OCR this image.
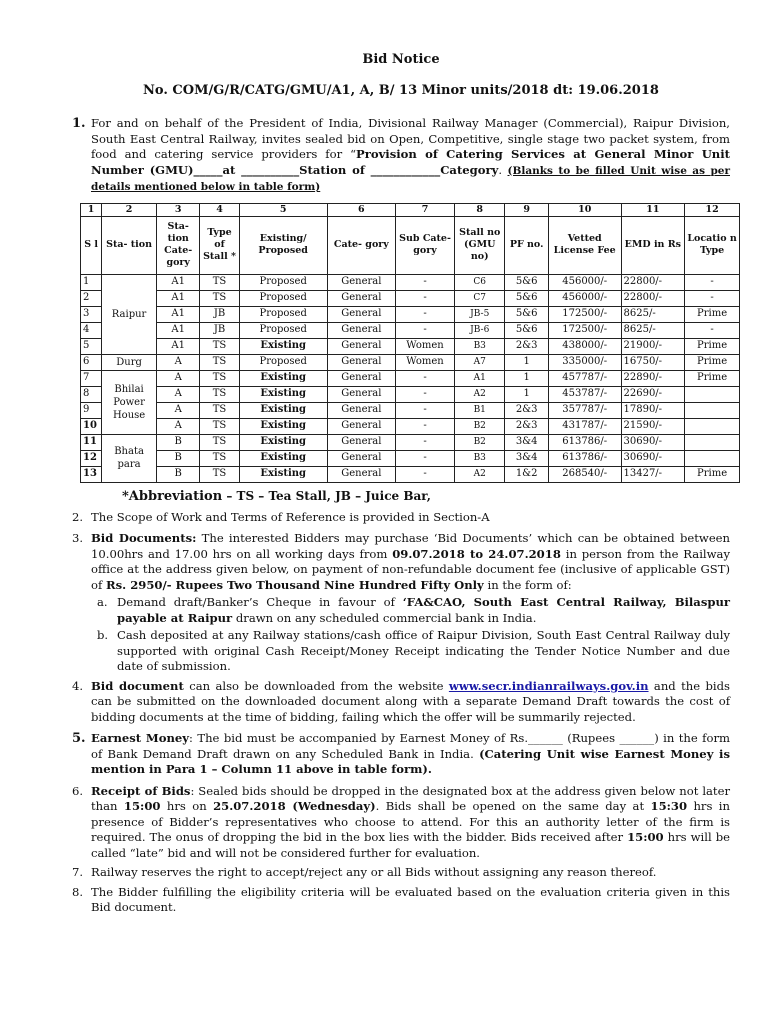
Bid Notice

No. COM/G/R/CATG/GMU/A1, A, B/ 13 Minor units/2018 dt: 19.06.2018

1. For and on behalf of the President of India, Divisional Railway Manager (Commercial), Raipur Division, South East Central Railway, invites sealed bid on Open, Competitive, single stage two packet system, from food and catering service providers for “Provision of Catering Services at General Minor Unit Number (GMU)_____at __________Station of ____________Category. (Blanks to be filled Unit wise as per details mentioned below in table form)
1	2	3	4	5	6	7	8	9	10	11	12
S l	Sta- tion	Sta- tion Cate- gory	Type of Stall *	Existing/ Proposed	Cate- gory	Sub Cate- gory	Stall no (GMU no)	PF no.	Vetted License Fee	EMD in Rs	Locatio n Type
1	Raipur	A1	TS	Proposed	General	-	C6	5&6	456000/-	22800/-	-
2		A1	TS	Proposed	General	-	C7	5&6	456000/-	22800/-	-
3		A1	JB	Proposed	General	-	JB-5	5&6	172500/-	8625/-	Prime
4		A1	JB	Proposed	General	-	JB-6	5&6	172500/-	8625/-	-
5		A1	TS	Existing	General	Women	B3	2&3	438000/-	21900/-	Prime
6	Durg	A	TS	Proposed	General	Women	A7	1	335000/-	16750/-	Prime
7	Bhilai Power House	A	TS	Existing	General	-	A1	1	457787/-	22890/-	Prime
8		A	TS	Existing	General	-	A2	1	453787/-	22690/-	
9		A	TS	Existing	General	-	B1	2&3	357787/-	17890/-	
10		A	TS	Existing	General	-	B2	2&3	431787/-	21590/-	
11	Bhata para	B	TS	Existing	General	-	B2	3&4	613786/-	30690/-	
12		B	TS	Existing	General	-	B3	3&4	613786/-	30690/-	
13		B	TS	Existing	General	-	A2	1&2	268540/-	13427/-	Prime
*Abbreviation – TS – Tea Stall, JB – Juice Bar,
2. The Scope of Work and Terms of Reference is provided in Section-A
3. Bid Documents: The interested Bidders may purchase ‘Bid Documents’ which can be obtained between 10.00hrs and 17.00 hrs on all working days from 09.07.2018 to 24.07.2018 in person from the Railway office at the address given below, on payment of non-refundable document fee (inclusive of applicable GST) of Rs. 2950/- Rupees Two Thousand Nine Hundred Fifty Only in the form of:
a. Demand draft/Banker’s Cheque in favour of ‘FA&CAO, South East Central Railway, Bilaspur payable at Raipur drawn on any scheduled commercial bank in India.
b. Cash deposited at any Railway stations/cash office of Raipur Division, South East Central Railway duly supported with original Cash Receipt/Money Receipt indicating the Tender Notice Number and due date of submission.
4. Bid document can also be downloaded from the website www.secr.indianrailways.gov.in and the bids can be submitted on the downloaded document along with a separate Demand Draft towards the cost of bidding documents at the time of bidding, failing which the offer will be summarily rejected.
5. Earnest Money: The bid must be accompanied by Earnest Money of Rs.______ (Rupees ______) in the form of Bank Demand Draft drawn on any Scheduled Bank in India. (Catering Unit wise Earnest Money is mention in Para 1 – Column 11 above in table form).
6. Receipt of Bids: Sealed bids should be dropped in the designated box at the address given below not later than 15:00 hrs on 25.07.2018 (Wednesday). Bids shall be opened on the same day at 15:30 hrs in presence of Bidder’s representatives who choose to attend. For this an authority letter of the firm is required. The onus of dropping the bid in the box lies with the bidder. Bids received after 15:00 hrs will be called “late” bid and will not be considered further for evaluation.
7. Railway reserves the right to accept/reject any or all Bids without assigning any reason thereof.
8. The Bidder fulfilling the eligibility criteria will be evaluated based on the evaluation criteria given in this Bid document.
